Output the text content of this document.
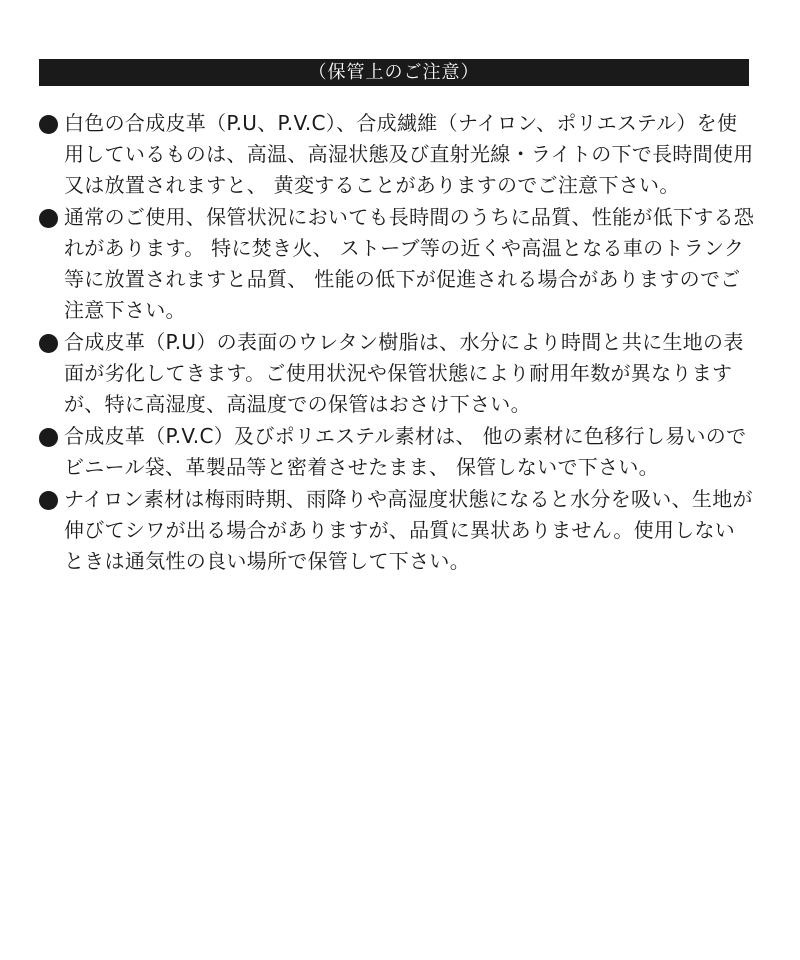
（保管上のご注意）
白色の合成皮革（P.U、P.V.C）、合成繊維（ナイロン、ポリエステル）を使用しているものは、高温、高湿状態及び直射光線・ライトの下で長時間使用又は放置されますと、 黄変することがありますのでご注意下さい。
通常のご使用、保管状況においても長時間のうちに品質、性能が低下する恐れがあります。 特に焚き火、 ストーブ等の近くや高温となる車のトランク等に放置されますと品質、 性能の低下が促進される場合がありますのでご注意下さい。
合成皮革（P.U）の表面のウレタン樹脂は、水分により時間と共に生地の表面が劣化してきます。ご使用状況や保管状態により耐用年数が異なりますが、特に高湿度、高温度での保管はおさけ下さい。
合成皮革（P.V.C）及びポリエステル素材は、 他の素材に色移行し易いのでビニール袋、革製品等と密着させたまま、 保管しないで下さい。
ナイロン素材は梅雨時期、雨降りや高湿度状態になると水分を吸い、生地が伸びてシワが出る場合がありますが、品質に異状ありません。使用しないときは通気性の良い場所で保管して下さい。
